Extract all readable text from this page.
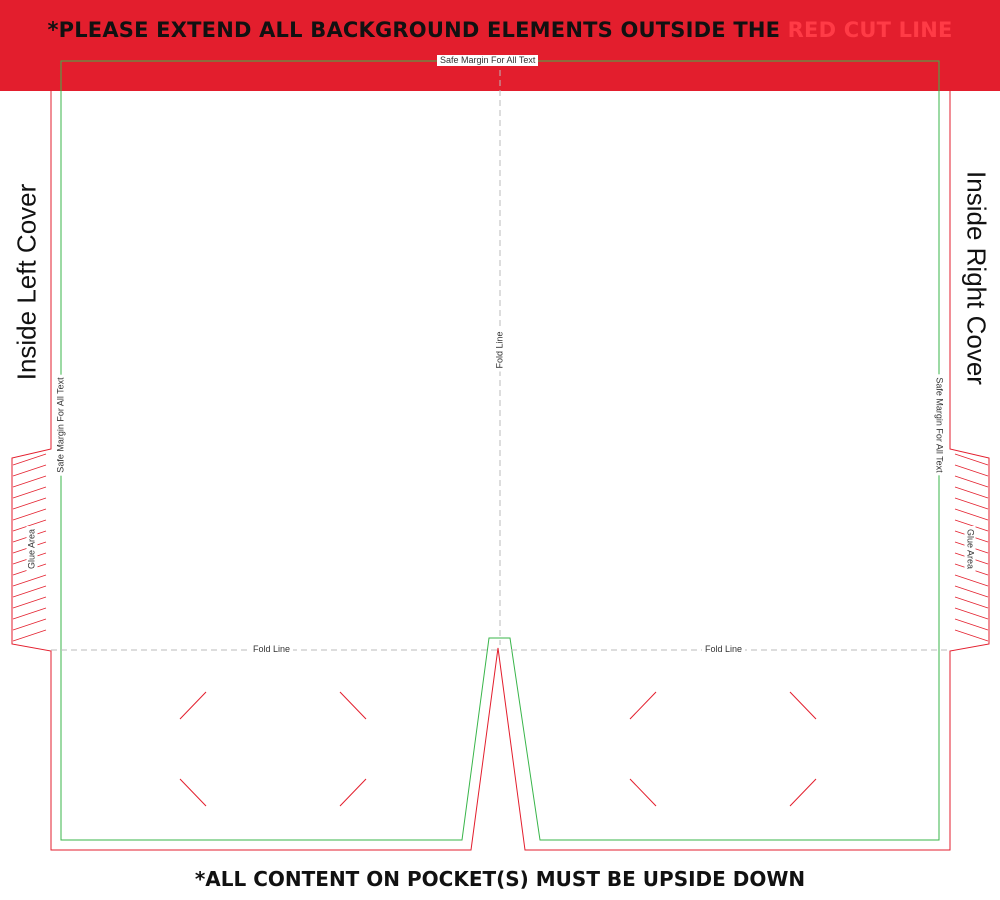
*PLEASE EXTEND ALL BACKGROUND ELEMENTS OUTSIDE THE RED CUT LINE
Safe Margin For All Text
Fold Line
Fold Line	Fold Line
Safe Margin For All Text	Safe Margin For All Text
Glue Area	Glue Area
Inside Left Cover	Inside Right Cover
*ALL CONTENT ON POCKET(S) MUST BE UPSIDE DOWN
